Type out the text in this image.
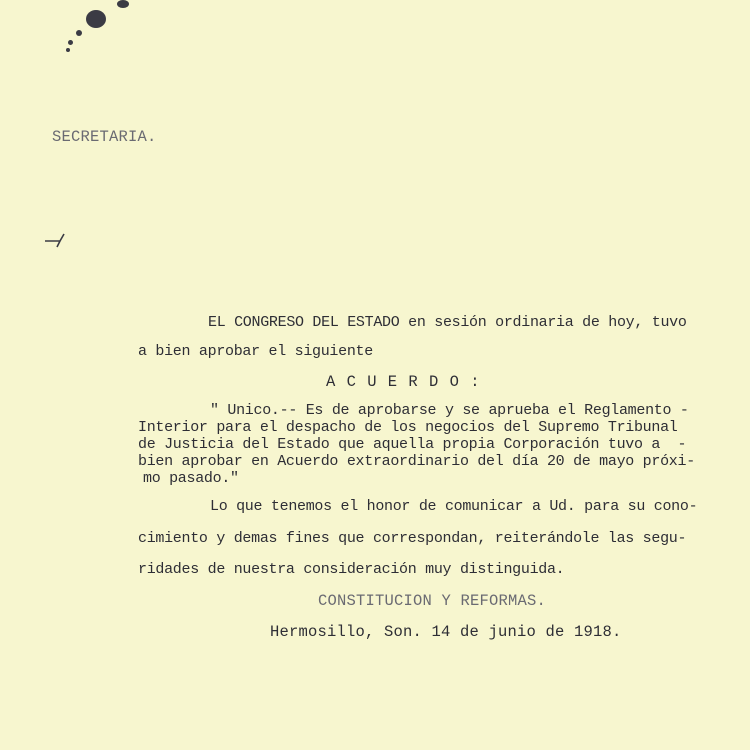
SECRETARIA.
EL CONGRESO DEL ESTADO en sesión ordinaria de hoy, tuvo
a bien aprobar el siguiente
A C U E R D O :
" Unico.-- Es de aprobarse y se aprueba el Reglamento -
Interior para el despacho de los negocios del Supremo Tribunal
de Justicia del Estado que aquella propia Corporación tuvo a  -
bien aprobar en Acuerdo extraordinario del día 20 de mayo próxi-
mo pasado."
Lo que tenemos el honor de comunicar a Ud. para su cono-
cimiento y demas fines que correspondan, reiterándole las segu-
ridades de nuestra consideración muy distinguida.
CONSTITUCION Y REFORMAS.
Hermosillo, Son. 14 de junio de 1918.
